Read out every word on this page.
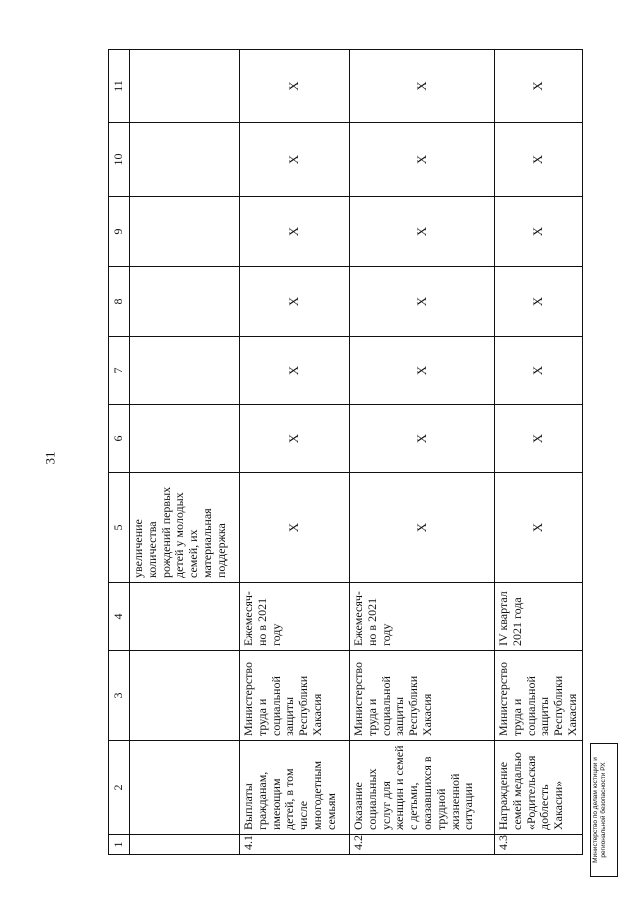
31
1	2	3	4	5	6	7	8	9	10	11
				увеличение количества рождений первых детей у молодых семей, их материальная поддержка						
4.1	Выплаты гражданам, имеющим детей, в том числе многодетным семьям	Министерство труда и социальной защиты Республики Хакасия	Ежемесяч-но в 2021 году	Х	Х	Х	Х	Х	Х	Х
4.2	Оказание социальных услуг для женщин и семей с детьми, оказавшихся в трудной жизненной ситуации	Министерство труда и социальной защиты Республики Хакасия	Ежемесяч-но в 2021 году	Х	Х	Х	Х	Х	Х	Х
4.3	Награждение семей медалью «Родительская доблесть Хакасии»	Министерство труда и социальной защиты Республики Хакасия	IV квартал 2021 года	Х	Х	Х	Х	Х	Х	Х
Министерство по делам юстиции и региональной безопасности РХ
